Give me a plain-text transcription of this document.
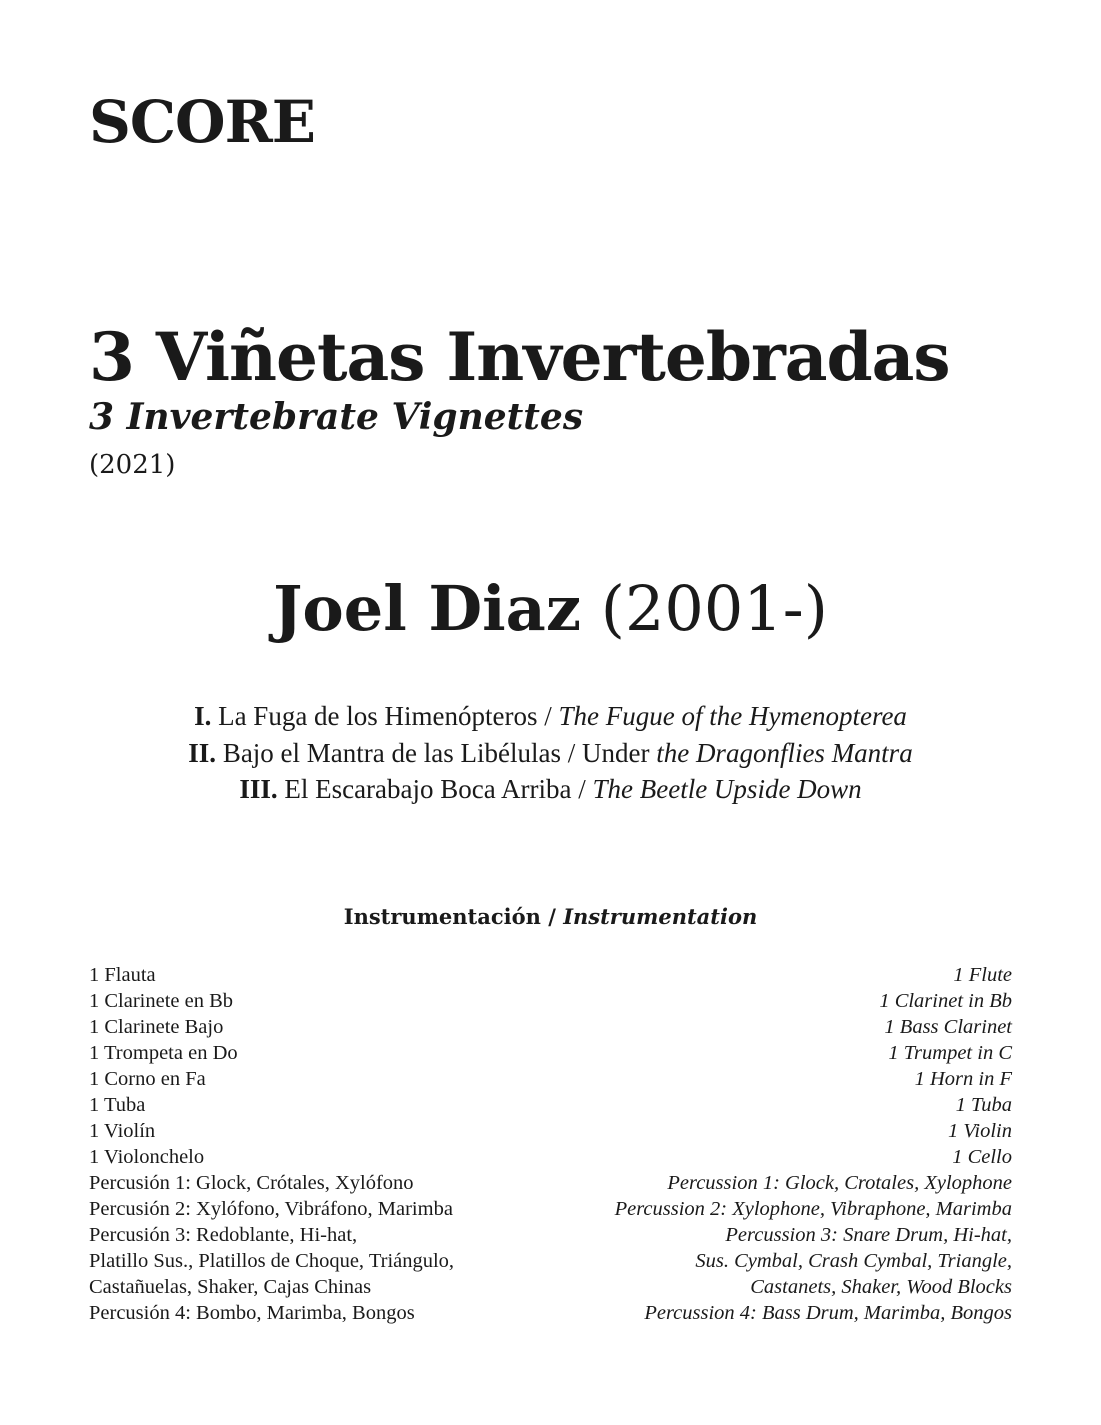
SCORE
3 Viñetas Invertebradas
3 Invertebrate Vignettes
(2021)
Joel Diaz (2001-)
I. La Fuga de los Himenópteros / The Fugue of the Hymenopterea
II. Bajo el Mantra de las Libélulas / Under the Dragonflies Mantra
III. El Escarabajo Boca Arriba / The Beetle Upside Down
Instrumentación / Instrumentation
1 Flauta
1 Clarinete en Bb
1 Clarinete Bajo
1 Trompeta en Do
1 Corno en Fa
1 Tuba
1 Violín
1 Violonchelo
Percusión 1: Glock, Crótales, Xylófono
Percusión 2: Xylófono, Vibráfono, Marimba
Percusión 3: Redoblante, Hi-hat,
Platillo Sus., Platillos de Choque, Triángulo,
Castañuelas, Shaker, Cajas Chinas
Percusión 4: Bombo, Marimba, Bongos
1 Flute
1 Clarinet in Bb
1 Bass Clarinet
1 Trumpet in C
1 Horn in F
1 Tuba
1 Violin
1 Cello
Percussion 1: Glock, Crotales, Xylophone
Percussion 2: Xylophone, Vibraphone, Marimba
Percussion 3: Snare Drum, Hi-hat,
Sus. Cymbal, Crash Cymbal, Triangle,
Castanets, Shaker, Wood Blocks
Percussion 4: Bass Drum, Marimba, Bongos
